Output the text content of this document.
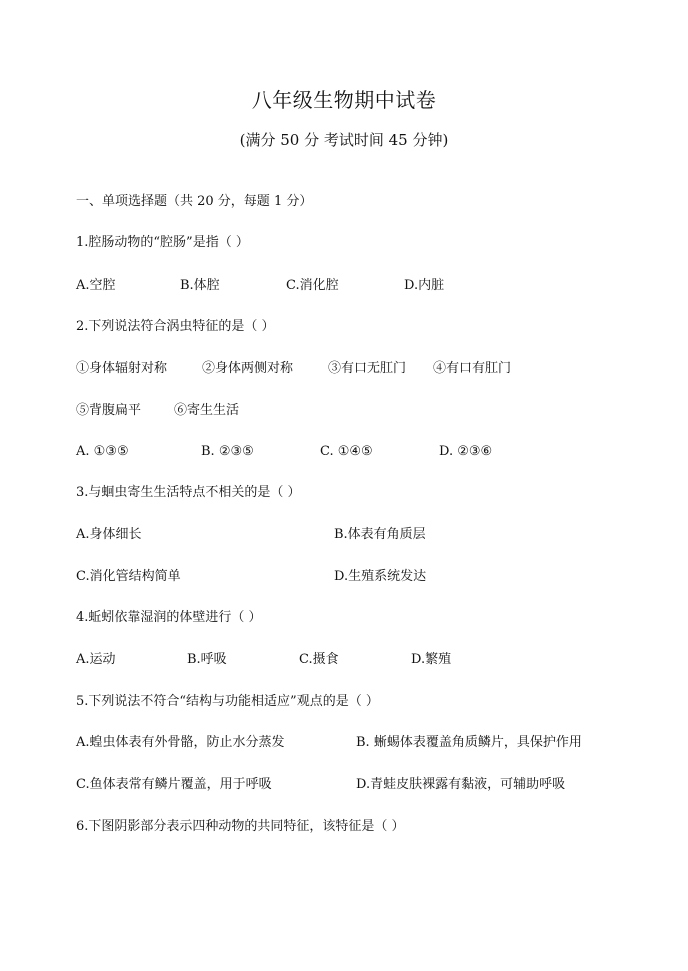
八年级生物期中试卷
(满分 50 分 考试时间 45 分钟)
一、单项选择题（共 20 分，每题 1 分）
1.腔肠动物的“腔肠”是指（ ）
A.空腔	B.体腔	C.消化腔	D.内脏
2.下列说法符合涡虫特征的是（ ）
①身体辐射对称	②身体两侧对称	③有口无肛门 ④有口有肛门
⑤背腹扁平	⑥寄生生活
A. ①③⑤	B. ②③⑤	C. ①④⑤	D. ②③⑥
3.与蛔虫寄生生活特点不相关的是（ ）
A.身体细长	B.体表有角质层
C.消化管结构简单	D.生殖系统发达
4.蚯蚓依靠湿润的体壁进行（ ）
A.运动	B.呼吸	C.摄食	D.繁殖
5.下列说法不符合“结构与功能相适应”观点的是（ ）
A.蝗虫体表有外骨骼，防止水分蒸发	B. 蜥蜴体表覆盖角质鳞片，具保护作用
C.鱼体表常有鳞片覆盖，用于呼吸	D.青蛙皮肤裸露有黏液，可辅助呼吸
6.下图阴影部分表示四种动物的共同特征，该特征是（ ）
